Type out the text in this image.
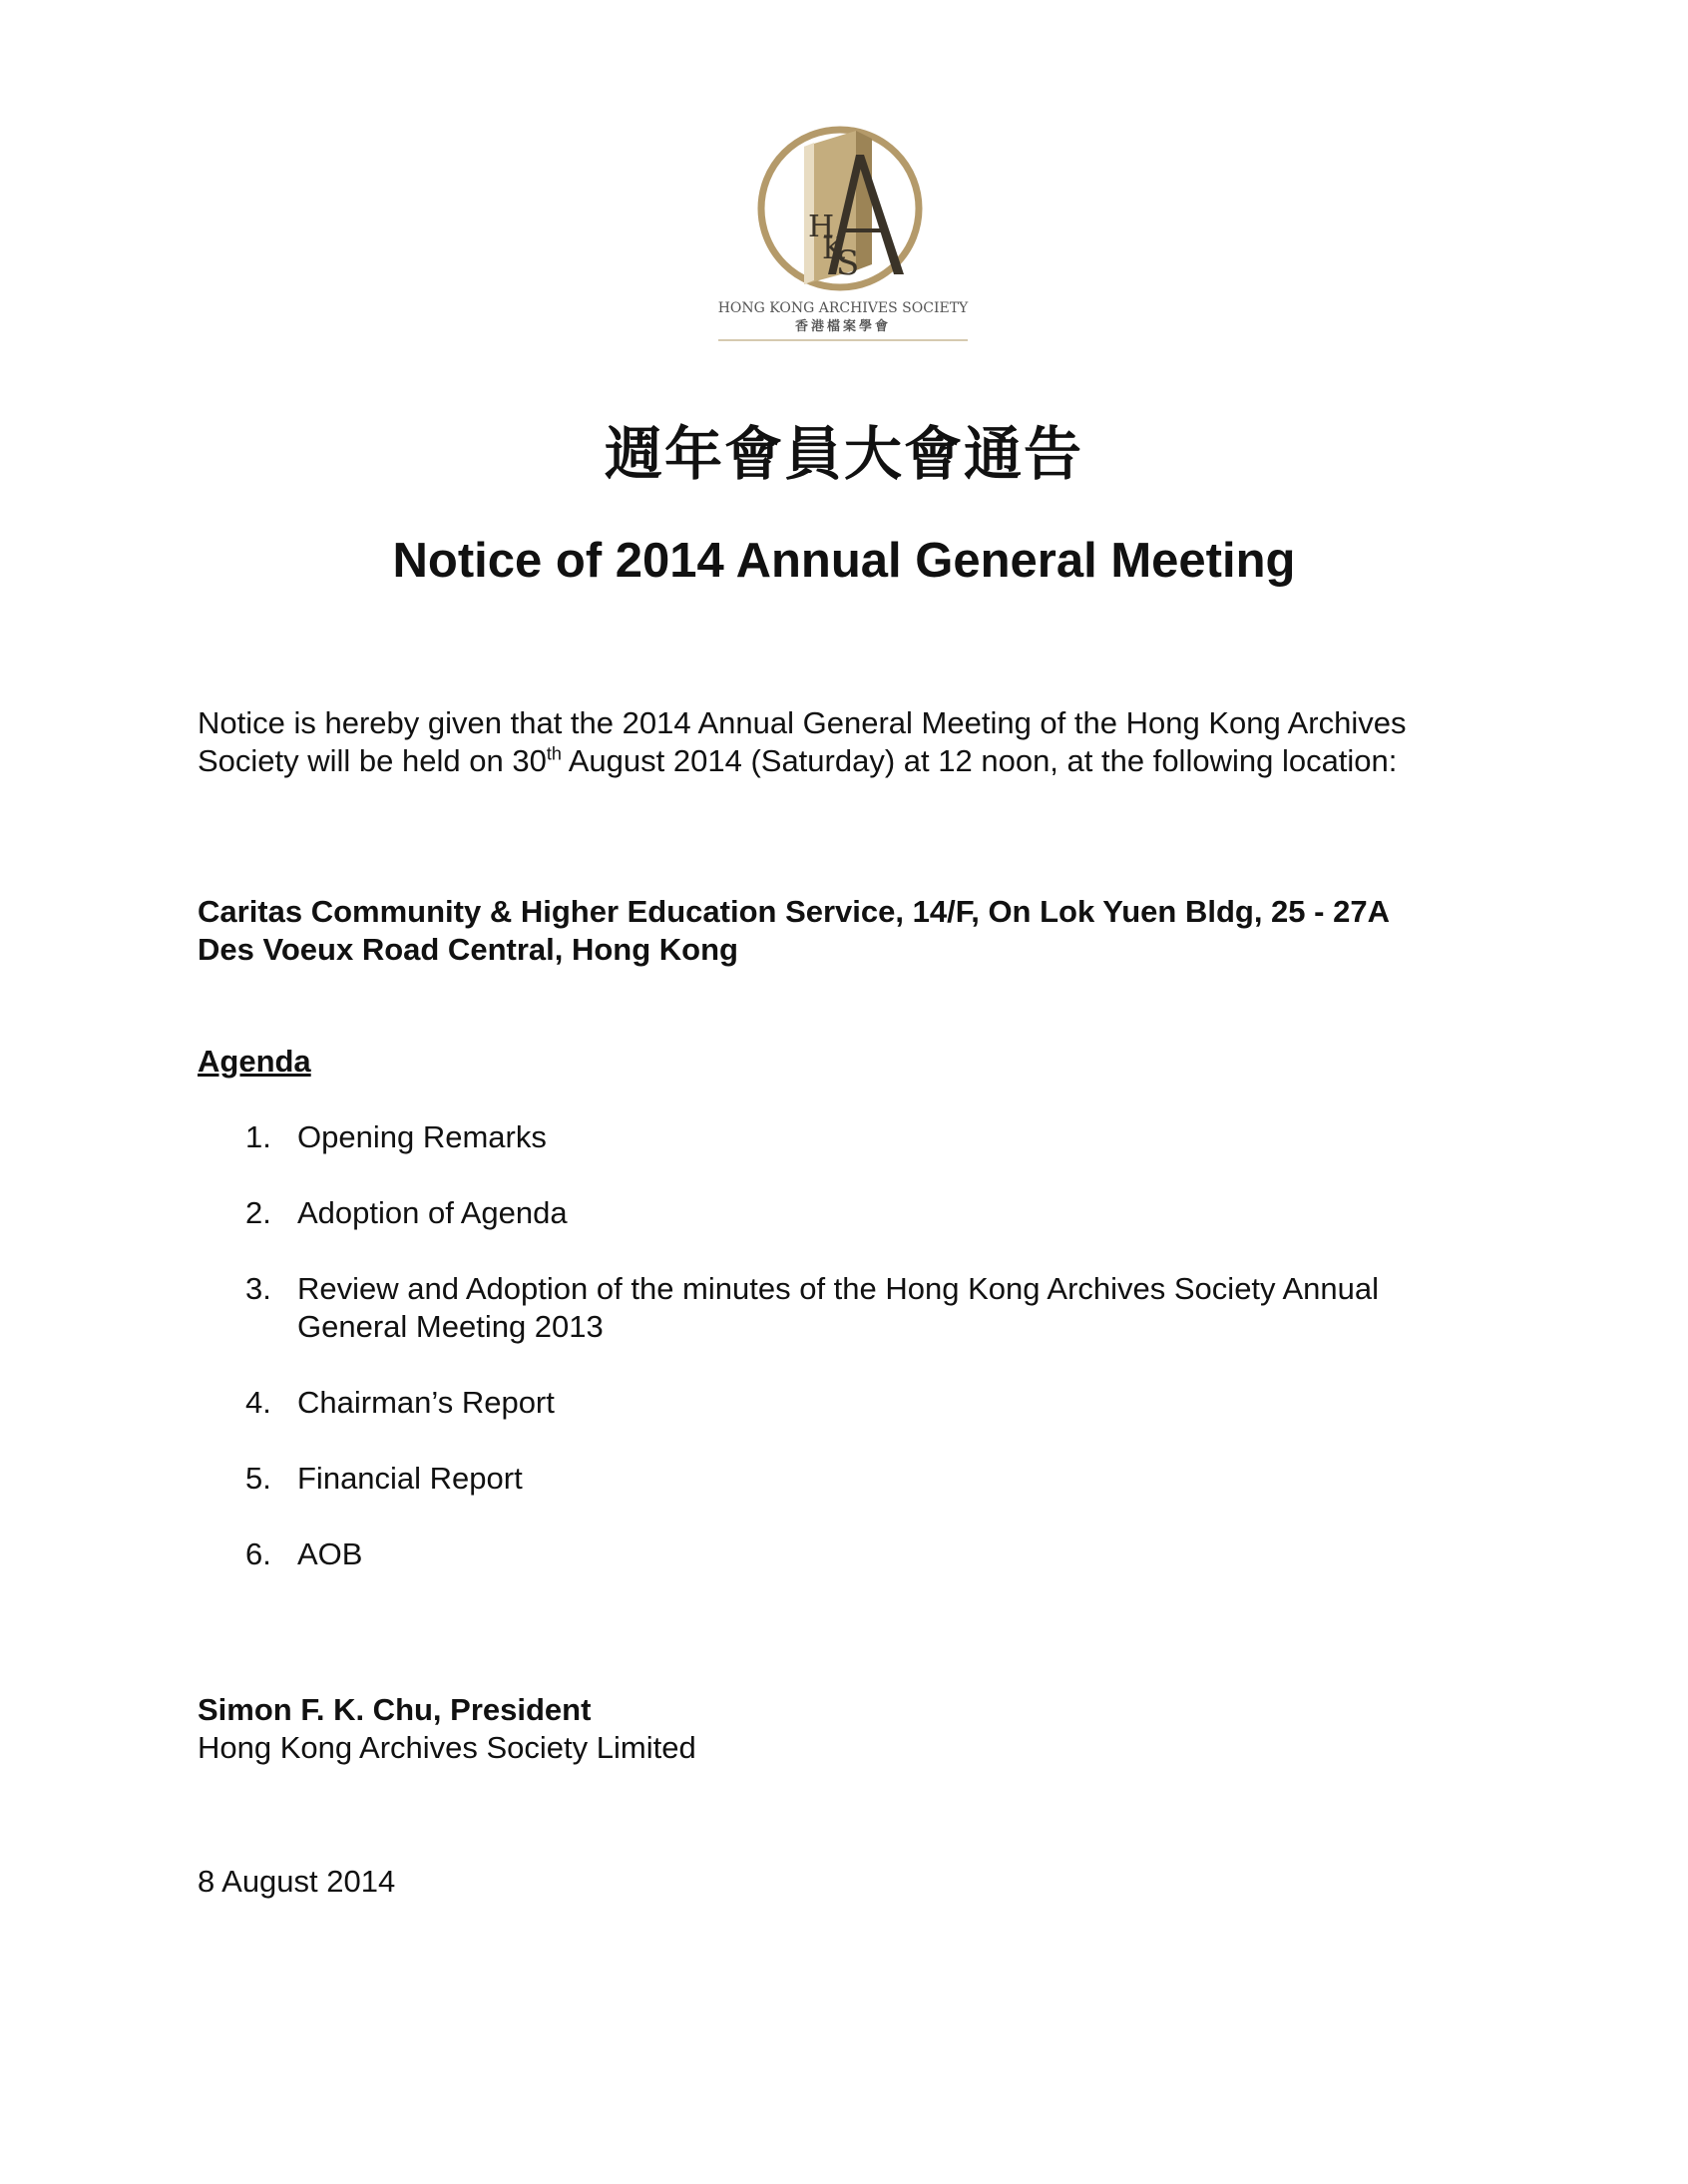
H
K
S
HONG KONG ARCHIVES SOCIETY
香港檔案學會
週年會員大會通告
Notice of 2014 Annual General Meeting
Notice is hereby given that the 2014 Annual General Meeting of the Hong Kong Archives Society will be held on 30th August 2014 (Saturday) at 12 noon, at the following location:
Caritas Community & Higher Education Service, 14/F, On Lok Yuen Bldg, 25 - 27A Des Voeux Road Central, Hong Kong
Agenda
1. Opening Remarks
2. Adoption of Agenda
3. Review and Adoption of the minutes of the Hong Kong Archives Society Annual General Meeting 2013
4. Chairman’s Report
5. Financial Report
6. AOB
Simon F. K. Chu, President
Hong Kong Archives Society Limited
8 August 2014
